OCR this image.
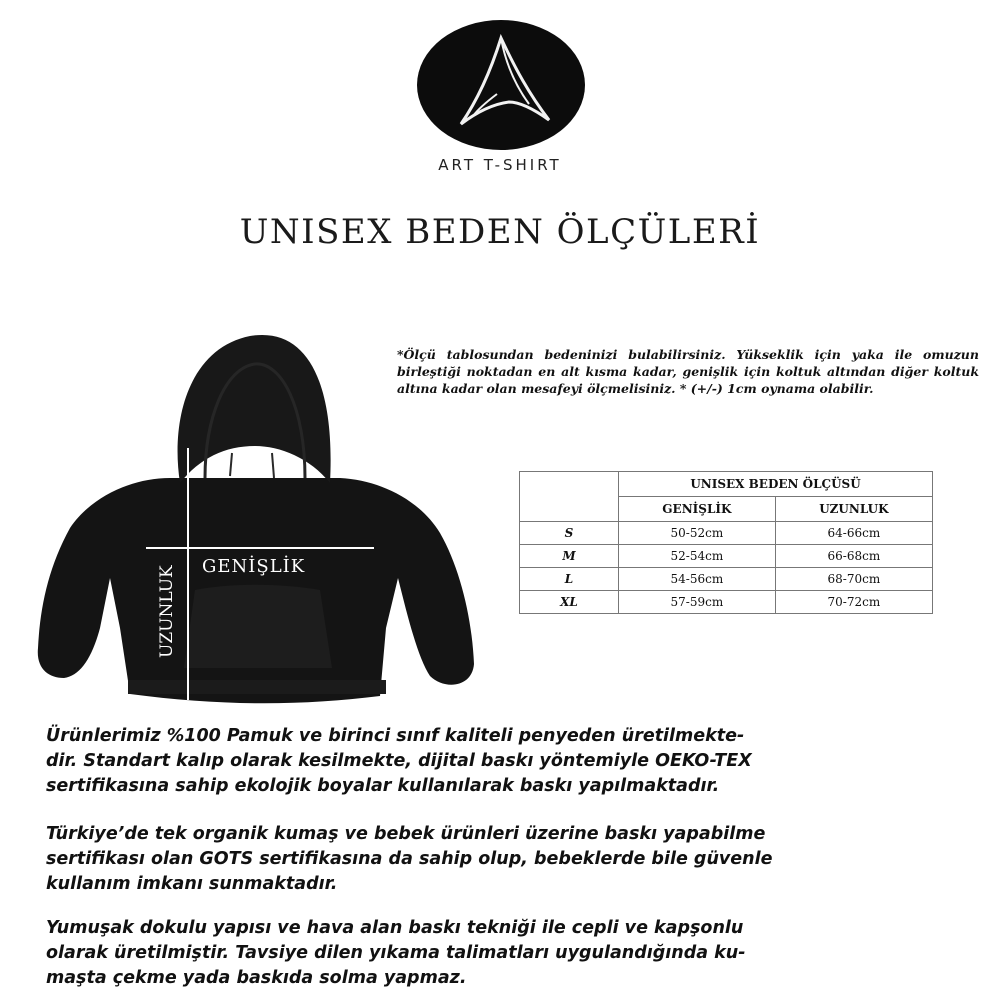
ART T-SHIRT
UNISEX BEDEN ÖLÇÜLERİ
GENİŞLİK
UZUNLUK
*Ölçü tablosundan bedeninizi bulabilirsiniz. Yükseklik için yaka ile omuzun birleştiği noktadan en alt kısma kadar, genişlik için koltuk altından diğer koltuk altına kadar olan mesafeyi ölçmelisiniz. * (+/-) 1cm oynama olabilir.
	UNISEX BEDEN ÖLÇÜSÜ	
	GENİŞLİK	UZUNLUK
S	50-52cm	64-66cm
M	52-54cm	66-68cm
L	54-56cm	68-70cm
XL	57-59cm	70-72cm
Ürünlerimiz %100 Pamuk ve birinci sınıf kaliteli penyeden üretilmekte-
dir. Standart kalıp olarak kesilmekte, dijital baskı yöntemiyle OEKO-TEX
sertifikasına sahip ekolojik boyalar kullanılarak baskı yapılmaktadır.
Türkiye’de tek organik kumaş ve bebek ürünleri üzerine baskı yapabilme
sertifikası olan GOTS sertifikasına da sahip olup, bebeklerde bile güvenle
kullanım imkanı sunmaktadır.
Yumuşak dokulu yapısı ve hava alan baskı tekniği ile cepli ve kapşonlu
olarak üretilmiştir. Tavsiye dilen yıkama talimatları uygulandığında ku-
maşta çekme yada baskıda solma yapmaz.
